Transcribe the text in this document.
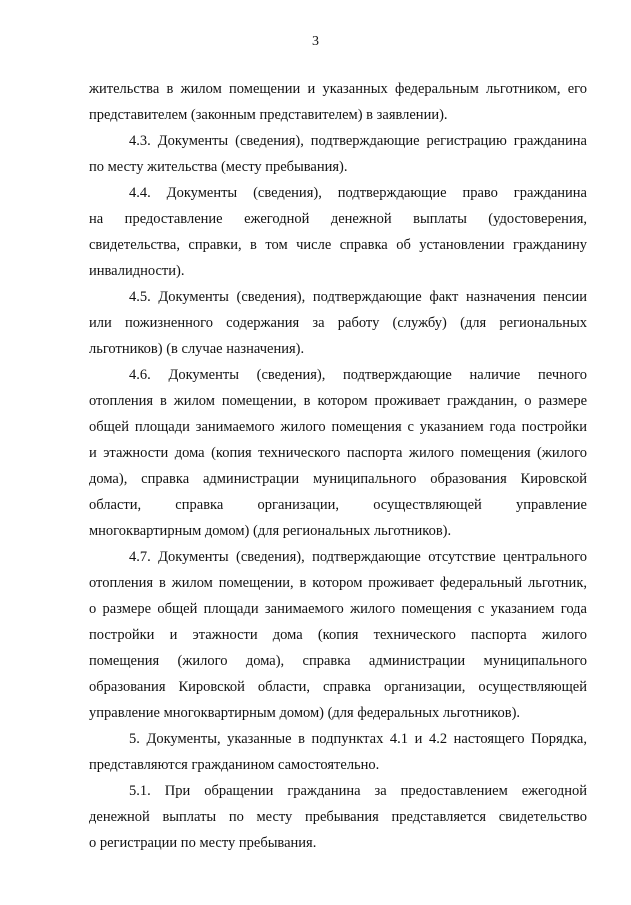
3
жительства в жилом помещении и указанных федеральным льготником, его
представителем (законным представителем) в заявлении).
4.3. Документы (сведения), подтверждающие регистрацию гражданина
по месту жительства (месту пребывания).
4.4. Документы (сведения), подтверждающие право гражданина
на предоставление ежегодной денежной выплаты (удостоверения,
свидетельства, справки, в том числе справка об установлении гражданину
инвалидности).
4.5. Документы (сведения), подтверждающие факт назначения пенсии
или пожизненного содержания за работу (службу) (для региональных
льготников) (в случае назначения).
4.6. Документы (сведения), подтверждающие наличие печного
отопления в жилом помещении, в котором проживает гражданин, о размере
общей площади занимаемого жилого помещения с указанием года постройки
и этажности дома (копия технического паспорта жилого помещения (жилого
дома), справка администрации муниципального образования Кировской
области, справка организации, осуществляющей управление
многоквартирным домом) (для региональных льготников).
4.7. Документы (сведения), подтверждающие отсутствие центрального
отопления в жилом помещении, в котором проживает федеральный льготник,
о размере общей площади занимаемого жилого помещения с указанием года
постройки и этажности дома (копия технического паспорта жилого
помещения (жилого дома), справка администрации муниципального
образования Кировской области, справка организации, осуществляющей
управление многоквартирным домом) (для федеральных льготников).
5. Документы, указанные в подпунктах 4.1 и 4.2 настоящего Порядка,
представляются гражданином самостоятельно.
5.1. При обращении гражданина за предоставлением ежегодной
денежной выплаты по месту пребывания представляется свидетельство
о регистрации по месту пребывания.
